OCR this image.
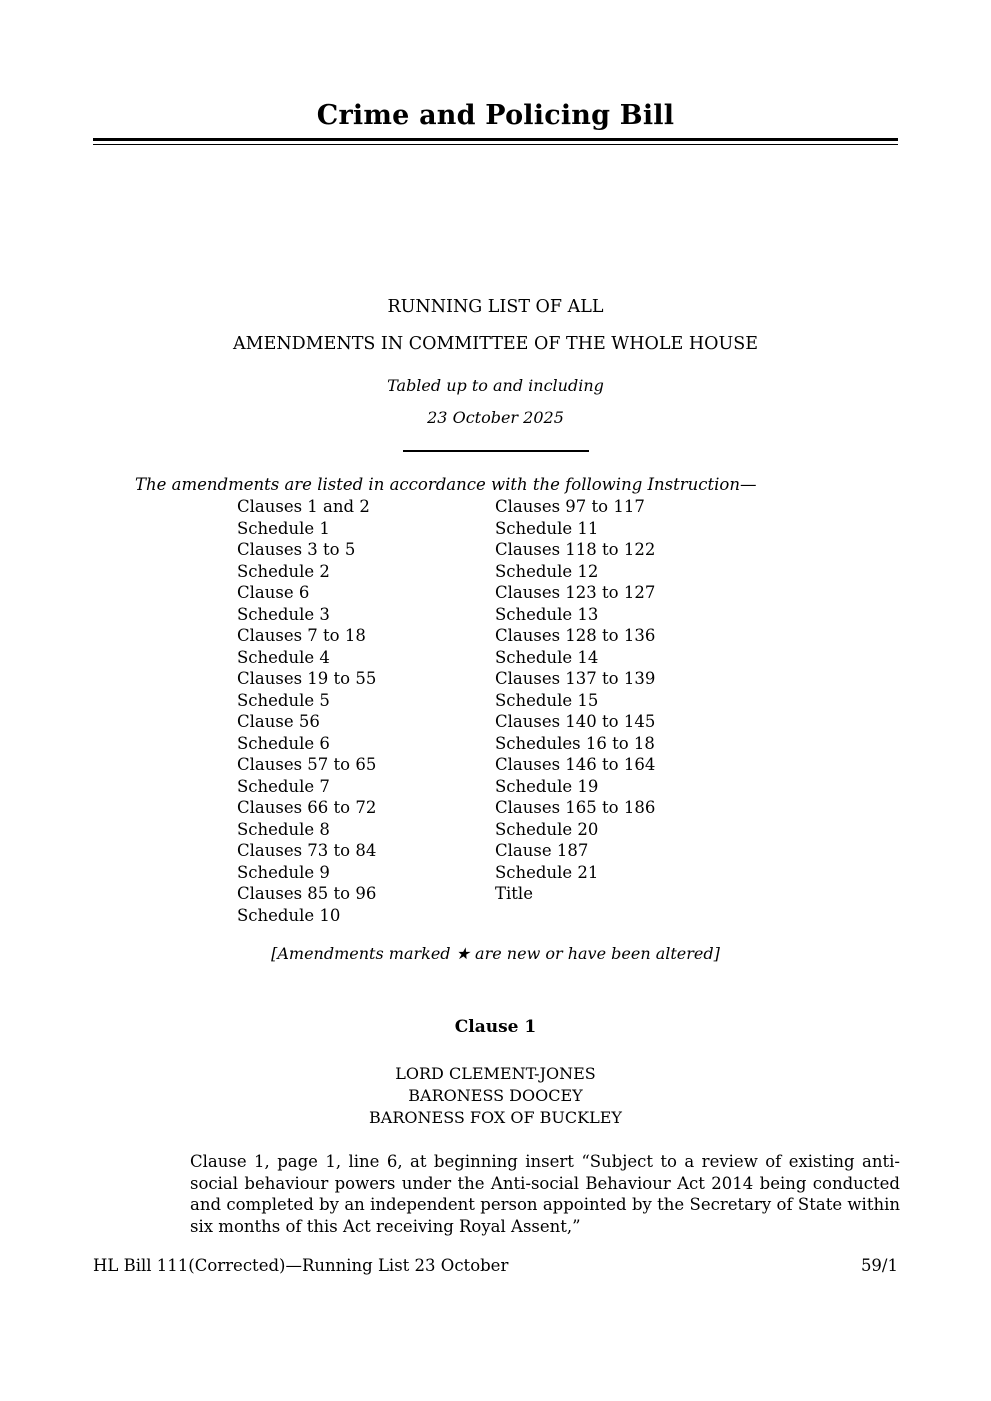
Crime and Policing Bill
RUNNING LIST OF ALL
AMENDMENTS IN COMMITTEE OF THE WHOLE HOUSE
Tabled up to and including
23 October 2025
The amendments are listed in accordance with the following Instruction—
Clauses 1 and 2
Schedule 1
Clauses 3 to 5
Schedule 2
Clause 6
Schedule 3
Clauses 7 to 18
Schedule 4
Clauses 19 to 55
Schedule 5
Clause 56
Schedule 6
Clauses 57 to 65
Schedule 7
Clauses 66 to 72
Schedule 8
Clauses 73 to 84
Schedule 9
Clauses 85 to 96
Schedule 10
Clauses 97 to 117
Schedule 11
Clauses 118 to 122
Schedule 12
Clauses 123 to 127
Schedule 13
Clauses 128 to 136
Schedule 14
Clauses 137 to 139
Schedule 15
Clauses 140 to 145
Schedules 16 to 18
Clauses 146 to 164
Schedule 19
Clauses 165 to 186
Schedule 20
Clause 187
Schedule 21
Title
[Amendments marked ★ are new or have been altered]
Clause 1
LORD CLEMENT-JONES
BARONESS DOOCEY
BARONESS FOX OF BUCKLEY

Clause 1, page 1, line 6, at beginning insert “Subject to a review of existing anti-social behaviour powers under the Anti-social Behaviour Act 2014 being conducted and completed by an independent person appointed by the Secretary of State within six months of this Act receiving Royal Assent,”

HL Bill 111(Corrected)—Running List 23 October	59/1
